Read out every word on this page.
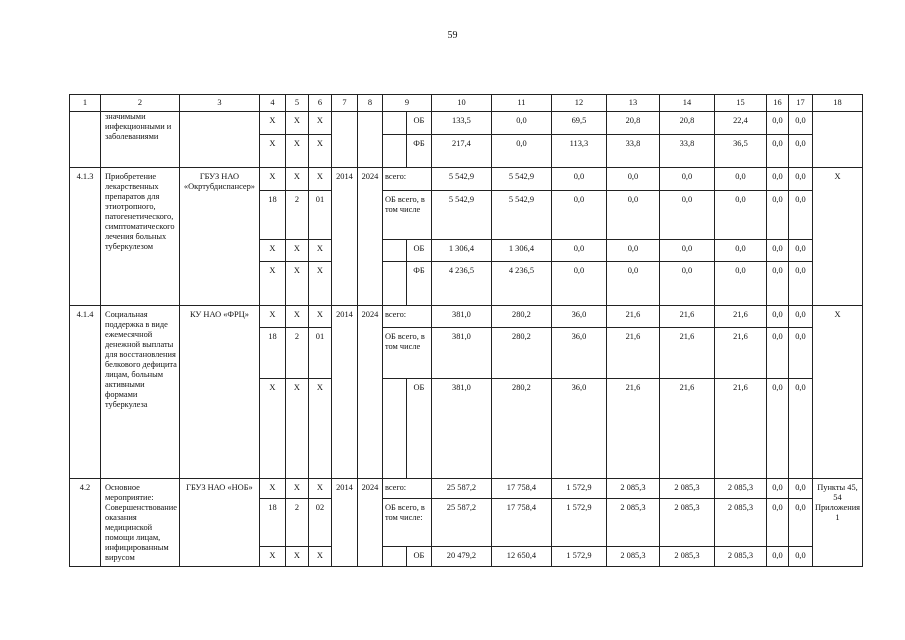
59
1	2	3	4	5	6	7	8	9		10	11	12	13	14	15	16	17	18
	значимыми инфекционными и заболеваниями		X	X	X				ОБ	133,5	0,0	69,5	20,8	20,8	22,4	0,0	0,0	
			X	X	X				ФБ	217,4	0,0	113,3	33,8	33,8	36,5	0,0	0,0	
4.1.3	Приобретение лекарственных препаратов для этиотропного, патогенетического, симптоматического лечения больных туберкулезом	ГБУЗ НАО «Окртубдиспансер»	X	X	X	2014	2024	всего:		5 542,9	5 542,9	0,0	0,0	0,0	0,0	0,0	0,0	X
			18	2	01			ОБ всего, в том числе		5 542,9	5 542,9	0,0	0,0	0,0	0,0	0,0	0,0	
			X	X	X				ОБ	1 306,4	1 306,4	0,0	0,0	0,0	0,0	0,0	0,0	
			X	X	X				ФБ	4 236,5	4 236,5	0,0	0,0	0,0	0,0	0,0	0,0	
4.1.4	Социальная поддержка в виде ежемесячной денежной выплаты для восстановления белкового дефицита лицам, больным активными формами туберкулеза	КУ НАО «ФРЦ»	X	X	X	2014	2024	всего:		381,0	280,2	36,0	21,6	21,6	21,6	0,0	0,0	X
			18	2	01			ОБ всего, в том числе		381,0	280,2	36,0	21,6	21,6	21,6	0,0	0,0	
			X	X	X				ОБ	381,0	280,2	36,0	21,6	21,6	21,6	0,0	0,0	
4.2	Основное мероприятие: Совершенствование оказания медицинской помощи лицам, инфицированным вирусом	ГБУЗ НАО «НОБ»	X	X	X	2014	2024	всего:		25 587,2	17 758,4	1 572,9	2 085,3	2 085,3	2 085,3	0,0	0,0	Пункты 45, 54 Приложения 1
			18	2	02			ОБ всего, в том числе:		25 587,2	17 758,4	1 572,9	2 085,3	2 085,3	2 085,3	0,0	0,0	
			X	X	X				ОБ	20 479,2	12 650,4	1 572,9	2 085,3	2 085,3	2 085,3	0,0	0,0	
